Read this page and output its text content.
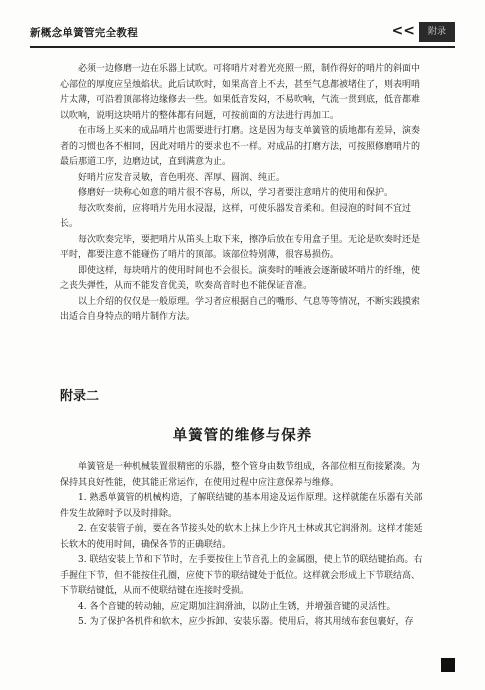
新概念单簧管完全教程	<<	附录

必须一边修磨一边在乐器上试吹。可将哨片对着光亮照一照，制作得好的哨片的斜面中心部位的厚度应呈烛焰状。此后试吹时，如果高音上不去，甚至气息都被堵住了，则表明哨片太薄，可沿着顶部将边缘修去一些。如果低音发闷，不易吹响，气流一贯到底，低音都难以吹响，说明这块哨片的整体都有问题，可按前面的方法进行再加工。

在市场上买来的成品哨片也需要进行打磨。这是因为每支单簧管的质地都有差异，演奏者的习惯也各不相同，因此对哨片的要求也不一样。对成品的打磨方法，可按照修磨哨片的最后那道工序，边磨边试，直到满意为止。

好哨片应发音灵敏，音色明亮、浑厚、圆润、纯正。

修磨好一块称心如意的哨片很不容易，所以，学习者要注意哨片的使用和保护。

每次吹奏前，应将哨片先用水浸湿，这样，可使乐器发音柔和。但浸泡的时间不宜过长。

每次吹奏完毕，要把哨片从笛头上取下来，擦净后放在专用盒子里。无论是吹奏时还是平时，都要注意不能碰伤了哨片的顶部。该部位特别薄，很容易损伤。

即使这样，每块哨片的使用时间也不会很长。演奏时的唾液会逐渐破坏哨片的纤维，使之丧失弹性，从而不能发音优美，吹奏高音时也不能保证音准。

以上介绍的仅仅是一般原理。学习者应根据自己的嘴形、气息等等情况，不断实践摸索出适合自身特点的哨片制作方法。

附录二
单簧管的维修与保养

单簧管是一种机械装置很精密的乐器，整个管身由数节组成，各部位相互衔接紧凑。为保持其良好性能，使其能正常运作，在使用过程中应注意保养与维修。

1. 熟悉单簧管的机械构造，了解联结键的基本用途及运作原理。这样就能在乐器有关部件发生故障时予以及时排除。

2. 在安装管子前，要在各节接头处的软木上抹上少许凡士林或其它润滑剂。这样才能延长软木的使用时间，确保各节的正确联结。

3. 联结安装上节和下节时，左手要按住上节音孔上的金属圈，使上节的联结键抬高。右手握住下节，但不能按住孔圈，应使下节的联结键处于低位。这样就会形成上下节联结高、下节联结键低，从而不使联结键在连接时受损。

4. 各个音键的转动轴，应定期加注润滑油，以防止生锈，并增强音键的灵活性。

5. 为了保护各机件和软木，应少拆卸、安装乐器。使用后，将其用绒布套包裹好，存
